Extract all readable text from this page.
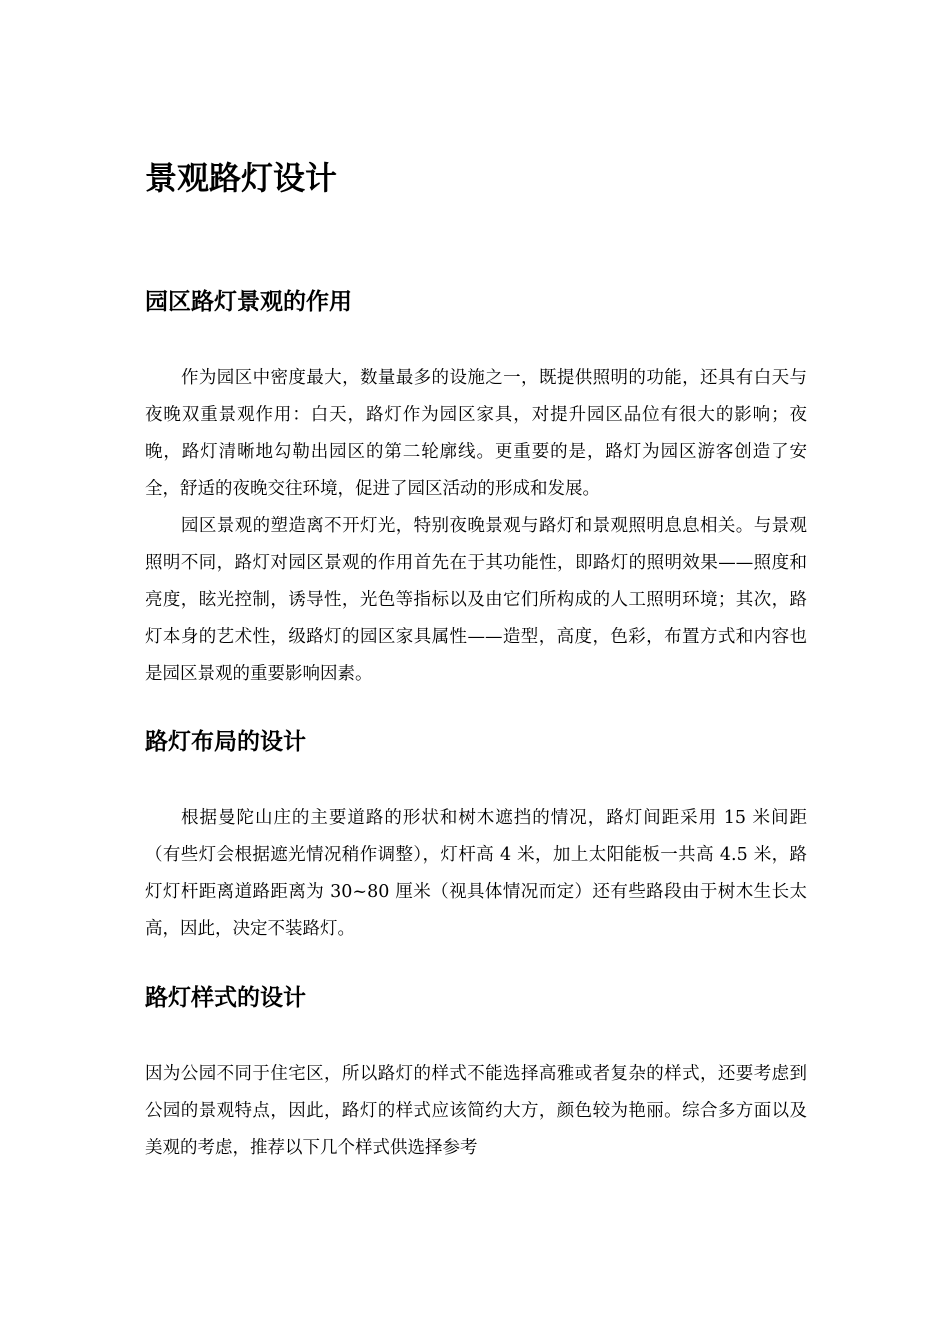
景观路灯设计
园区路灯景观的作用

作为园区中密度最大，数量最多的设施之一，既提供照明的功能，还具有白天与夜晚双重景观作用：白天，路灯作为园区家具，对提升园区品位有很大的影响；夜晚，路灯清晰地勾勒出园区的第二轮廓线。更重要的是，路灯为园区游客创造了安全，舒适的夜晚交往环境，促进了园区活动的形成和发展。

园区景观的塑造离不开灯光，特别夜晚景观与路灯和景观照明息息相关。与景观照明不同，路灯对园区景观的作用首先在于其功能性，即路灯的照明效果——照度和亮度，眩光控制，诱导性，光色等指标以及由它们所构成的人工照明环境；其次，路灯本身的艺术性，级路灯的园区家具属性——造型，高度，色彩，布置方式和内容也是园区景观的重要影响因素。

路灯布局的设计

根据曼陀山庄的主要道路的形状和树木遮挡的情况，路灯间距采用 15 米间距（有些灯会根据遮光情况稍作调整），灯杆高 4 米，加上太阳能板一共高 4.5 米，路灯灯杆距离道路距离为 30~80 厘米（视具体情况而定）还有些路段由于树木生长太高，因此，决定不装路灯。

路灯样式的设计

因为公园不同于住宅区，所以路灯的样式不能选择高雅或者复杂的样式，还要考虑到公园的景观特点，因此，路灯的样式应该简约大方，颜色较为艳丽。综合多方面以及美观的考虑，推荐以下几个样式供选择参考
